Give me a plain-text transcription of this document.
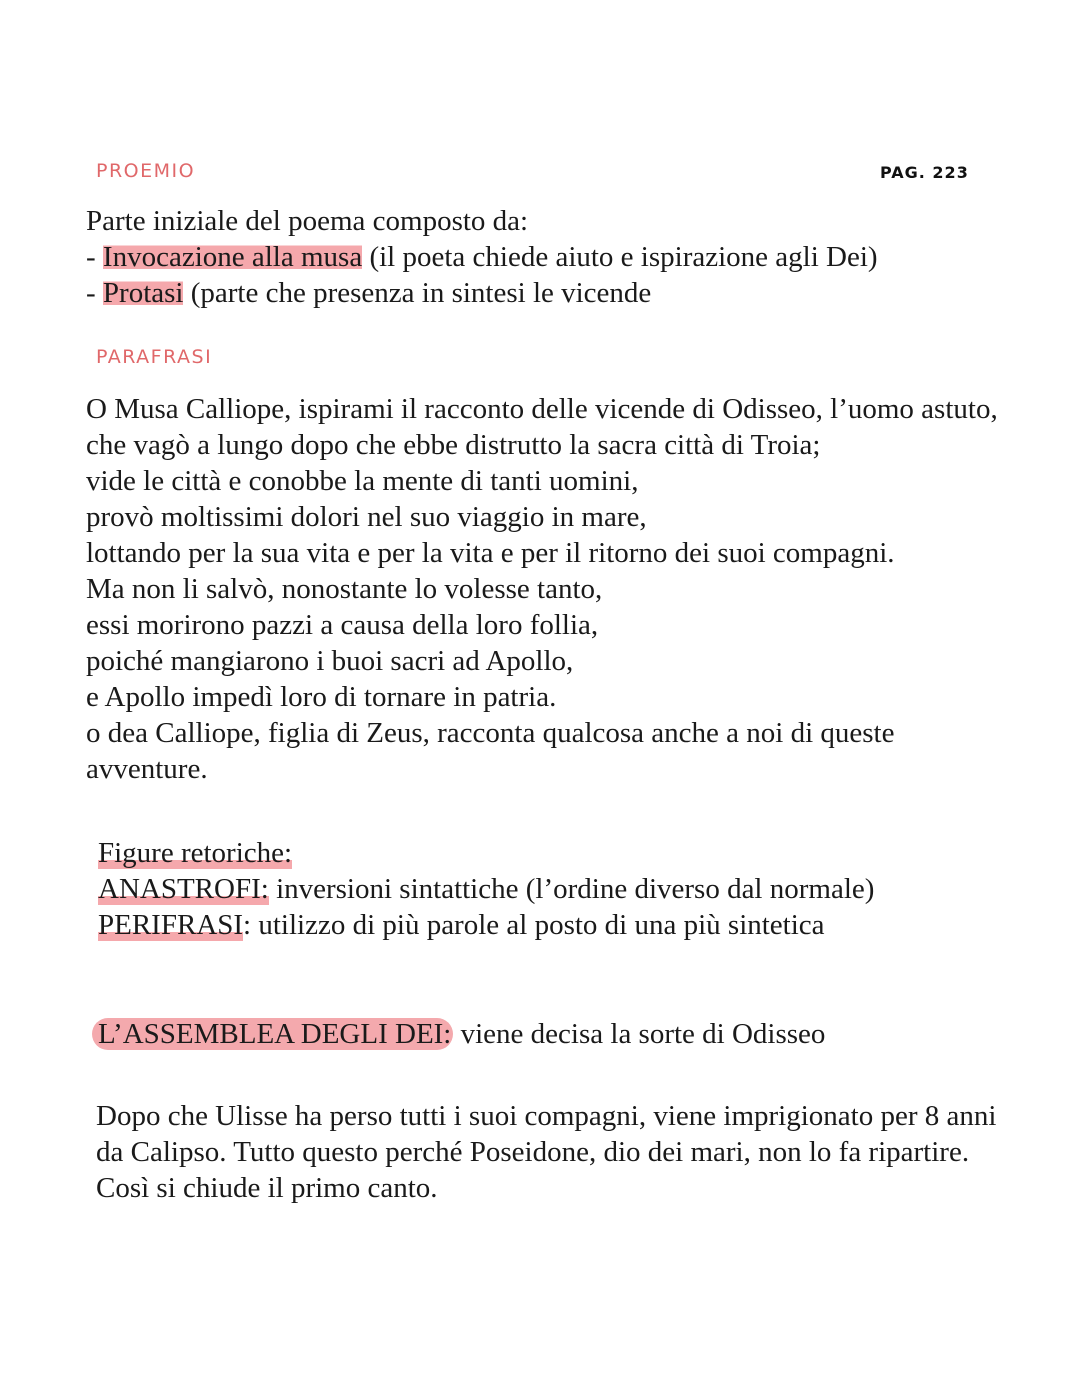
PROEMIO	PAG. 223
Parte iniziale del poema composto da:
- Invocazione alla musa (il poeta chiede aiuto e ispirazione agli Dei)
- Protasi (parte che presenza in sintesi le vicende
PARAFRASI
O Musa Calliope, ispirami il racconto delle vicende di Odisseo, l’uomo astuto,
che vagò a lungo dopo che ebbe distrutto la sacra città di Troia;
vide le città e conobbe la mente di tanti uomini,
provò moltissimi dolori nel suo viaggio in mare,
lottando per la sua vita e per la vita e per il ritorno dei suoi compagni.
Ma non li salvò, nonostante lo volesse tanto,
essi morirono pazzi a causa della loro follia,
poiché mangiarono i buoi sacri ad Apollo,
e Apollo impedì loro di tornare in patria.
o dea Calliope, figlia di Zeus, racconta qualcosa anche a noi di queste
avventure.
Figure retoriche:
ANASTROFI: inversioni sintattiche (l’ordine diverso dal normale)
PERIFRASI: utilizzo di più parole al posto di una più sintetica
L’ASSEMBLEA DEGLI DEI: viene decisa la sorte di Odisseo
Dopo che Ulisse ha perso tutti i suoi compagni, viene imprigionato per 8 anni
da Calipso. Tutto questo perché Poseidone, dio dei mari, non lo fa ripartire.
Così si chiude il primo canto.
